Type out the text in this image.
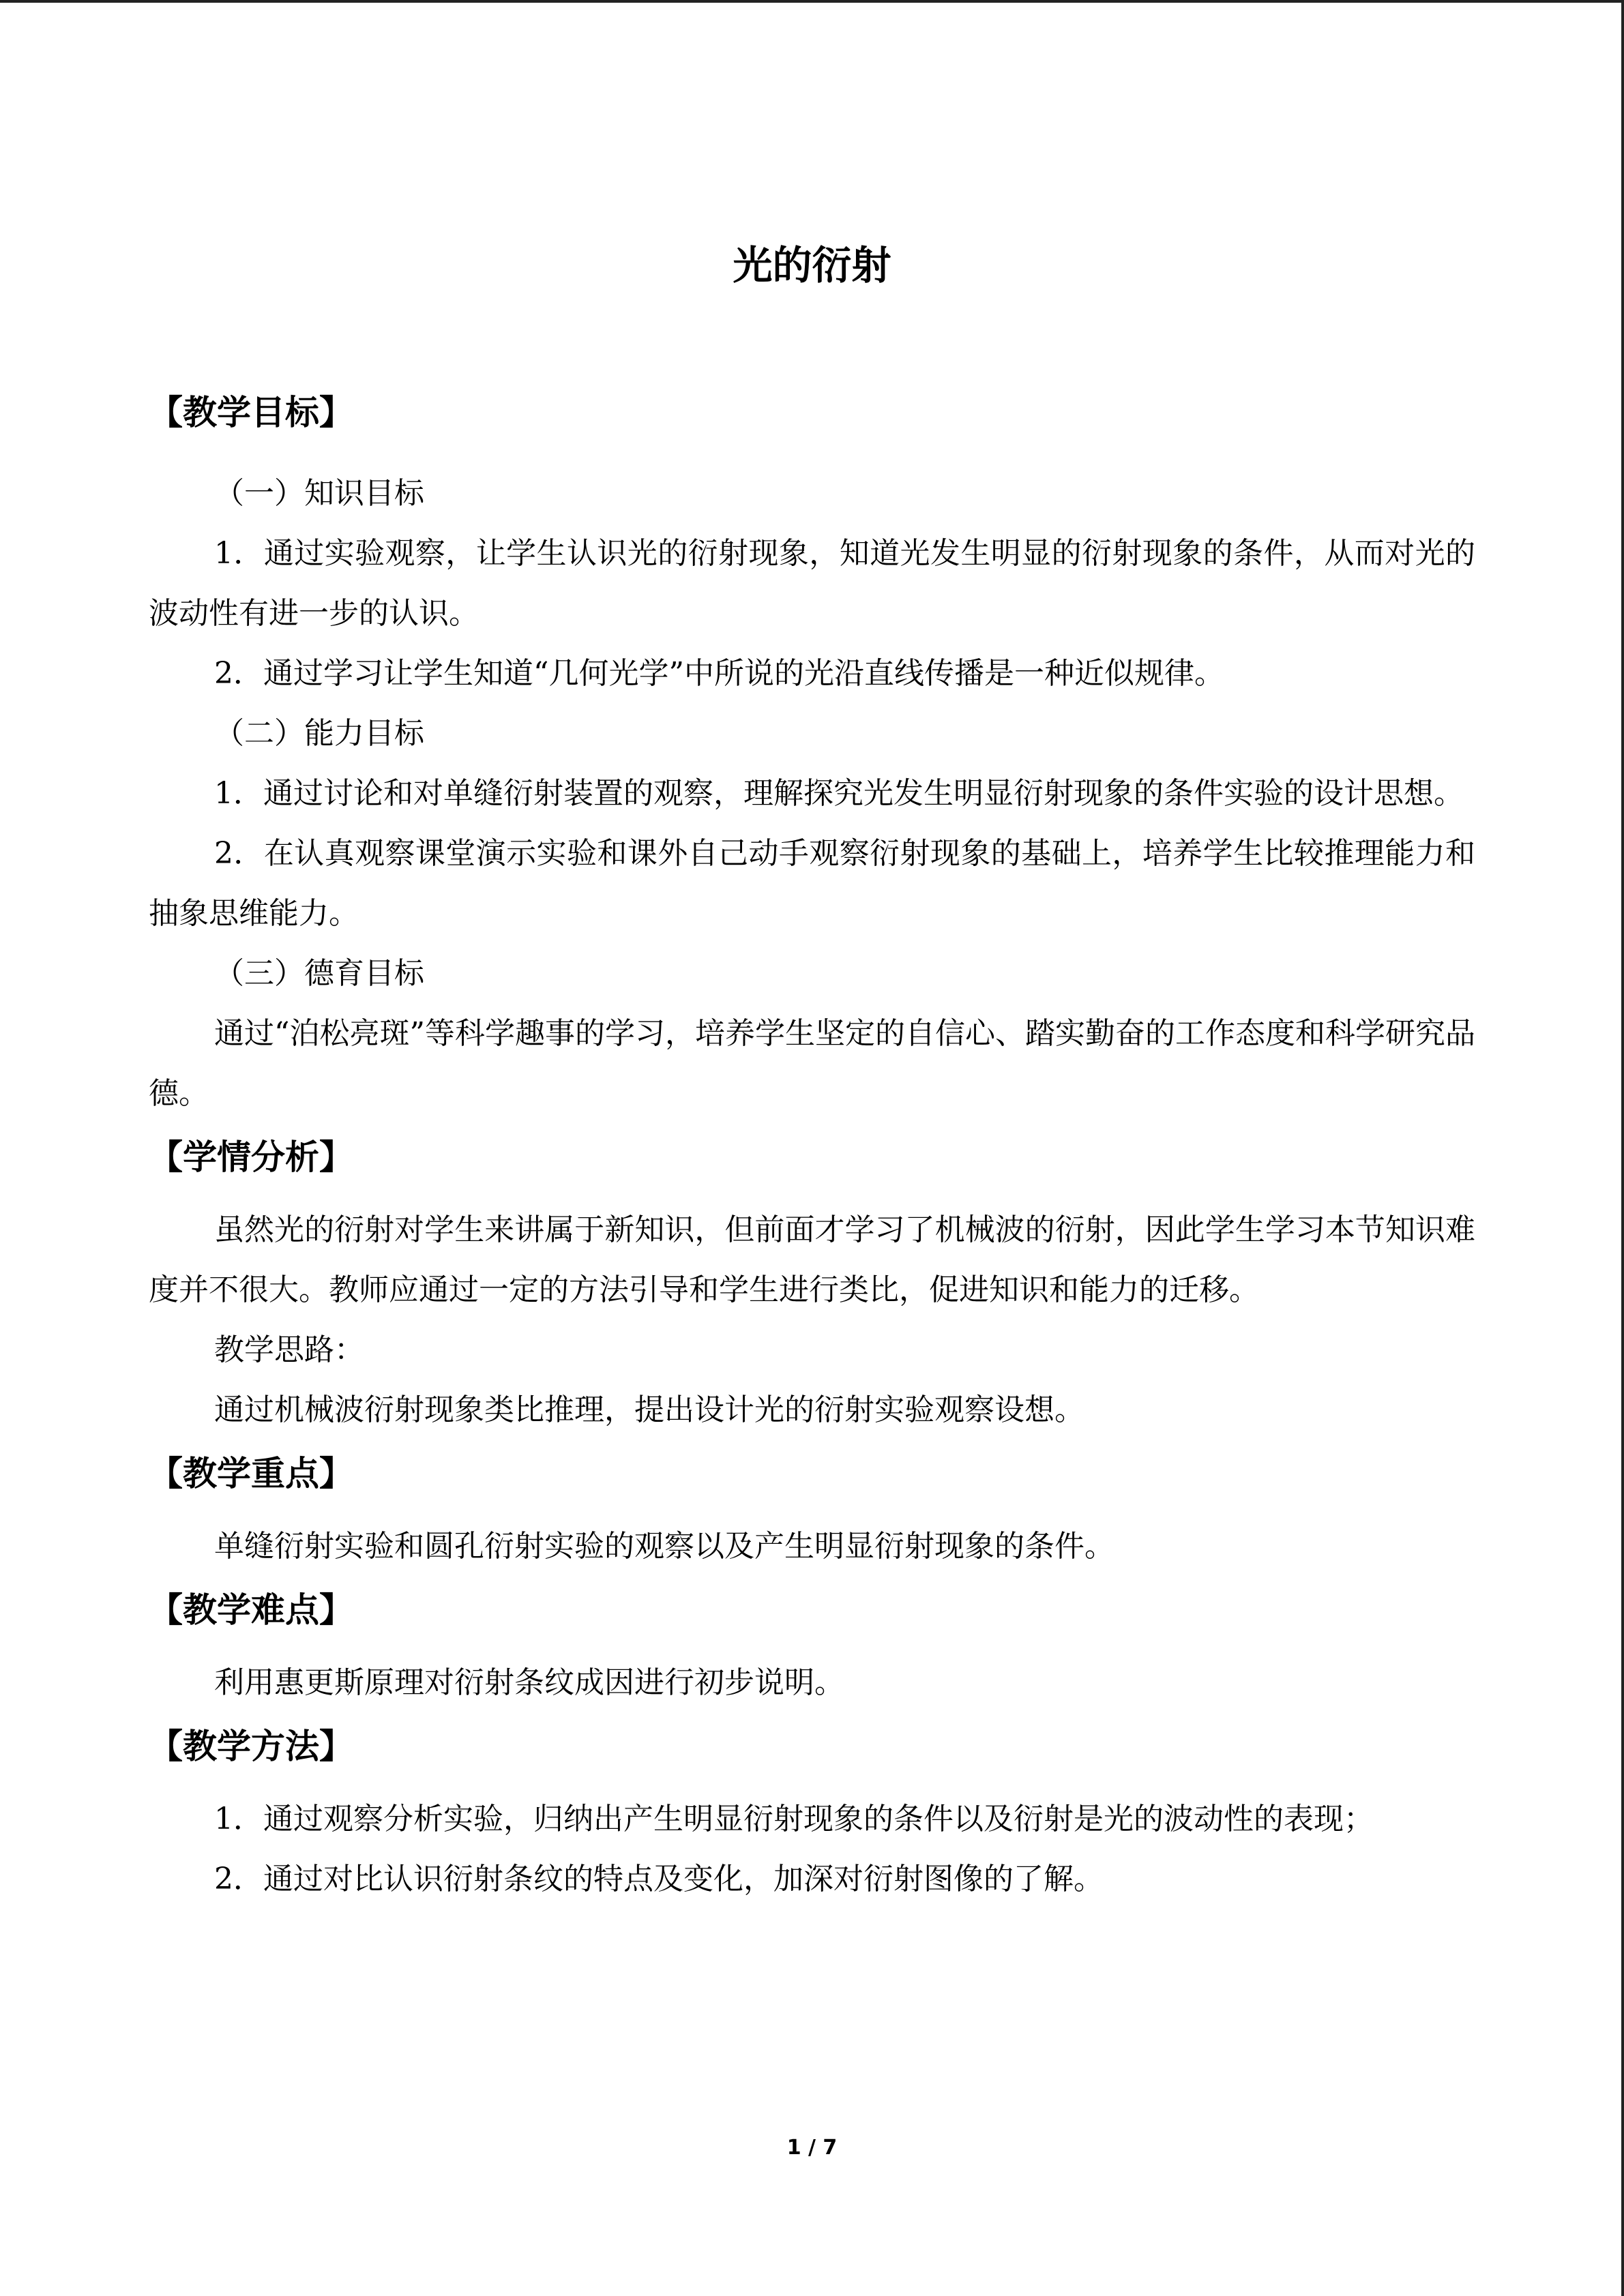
光的衍射
【教学目标】

（一）知识目标

1．通过实验观察，让学生认识光的衍射现象，知道光发生明显的衍射现象的条件，从而对光的波动性有进一步的认识。

2．通过学习让学生知道“几何光学”中所说的光沿直线传播是一种近似规律。

（二）能力目标

1．通过讨论和对单缝衍射装置的观察，理解探究光发生明显衍射现象的条件实验的设计思想。

2．在认真观察课堂演示实验和课外自己动手观察衍射现象的基础上，培养学生比较推理能力和抽象思维能力。

（三）德育目标

通过“泊松亮斑”等科学趣事的学习，培养学生坚定的自信心、踏实勤奋的工作态度和科学研究品德。

【学情分析】

虽然光的衍射对学生来讲属于新知识，但前面才学习了机械波的衍射，因此学生学习本节知识难度并不很大。教师应通过一定的方法引导和学生进行类比，促进知识和能力的迁移。

教学思路：

通过机械波衍射现象类比推理，提出设计光的衍射实验观察设想。

【教学重点】

单缝衍射实验和圆孔衍射实验的观察以及产生明显衍射现象的条件。

【教学难点】

利用惠更斯原理对衍射条纹成因进行初步说明。

【教学方法】

1．通过观察分析实验，归纳出产生明显衍射现象的条件以及衍射是光的波动性的表现；

2．通过对比认识衍射条纹的特点及变化，加深对衍射图像的了解。

1 / 7
